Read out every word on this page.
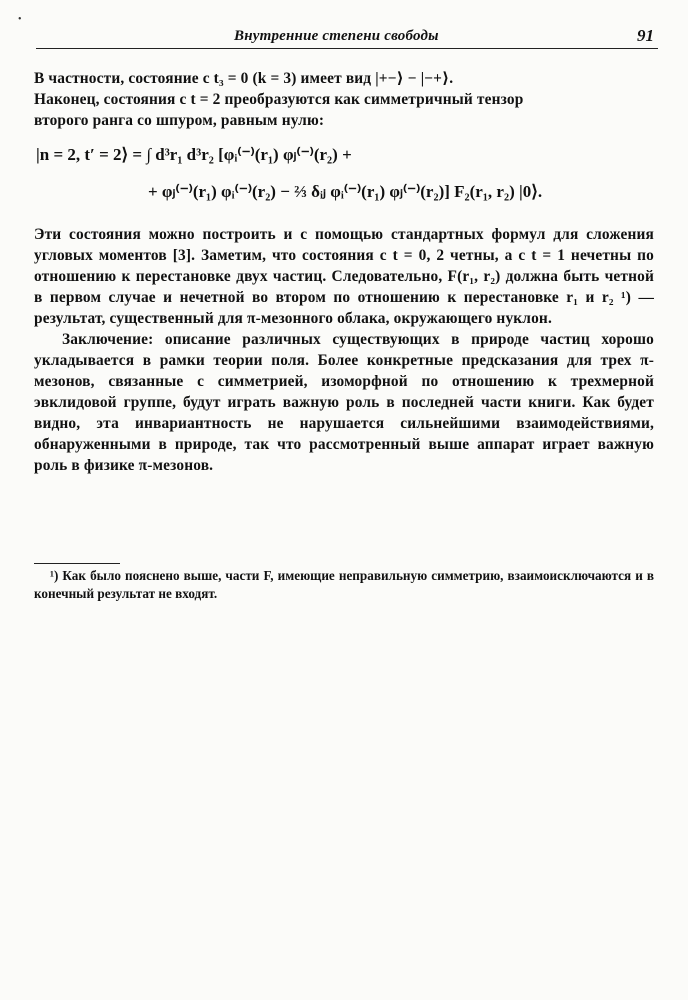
•
Внутренние степени свободы	91
В частности, состояние с t₃ = 0 (k = 3) имеет вид |+−⟩ − |−+⟩.
Наконец, состояния с t = 2 преобразуются как симметричный тензор
второго ранга со шпуром, равным нулю:
|n = 2, t′ = 2⟩ = ∫ d³r₁ d³r₂ [φᵢ⁽⁻⁾(r₁) φⱼ⁽⁻⁾(r₂) +
+ φⱼ⁽⁻⁾(r₁) φᵢ⁽⁻⁾(r₂) − ⅔ δᵢⱼ φᵢ⁽⁻⁾(r₁) φⱼ⁽⁻⁾(r₂)] F₂(r₁, r₂) |0⟩.
Эти состояния можно построить и с помощью стандартных формул для сложения угловых моментов [3]. Заметим, что состояния с t = 0, 2 четны, а с t = 1 нечетны по отношению к перестановке двух частиц. Следовательно, F(r₁, r₂) должна быть четной в первом случае и нечетной во втором по отношению к перестановке r₁ и r₂ ¹) — результат, существенный для π-мезонного облака, окружающего нуклон.
Заключение: описание различных существующих в природе частиц хорошо укладывается в рамки теории поля. Более конкретные предсказания для трех π-мезонов, связанные с симметрией, изоморфной по отношению к трехмерной эвклидовой группе, будут играть важную роль в последней части книги. Как будет видно, эта инвариантность не нарушается сильнейшими взаимодействиями, обнаруженными в природе, так что рассмотренный выше аппарат играет важную роль в физике π-мезонов.
¹) Как было пояснено выше, части F, имеющие неправильную симметрию, взаимоисключаются и в конечный результат не входят.
